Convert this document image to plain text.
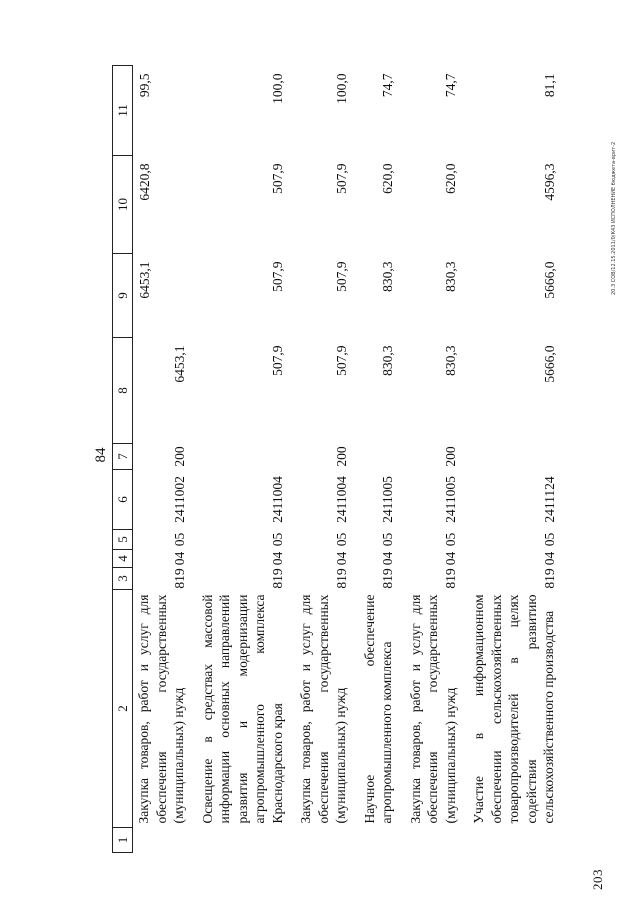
84
203
20.3 СОВ/12.15.2011/0/К43 ИСПОЛНЕНИЕ бюджета-врит-2
1	2	3	4	5	6	7	8	9	10	11
	Закупка товаров, работ и услуг для обеспечения государственных (муниципальных) нужд	819	04	05	2411002	200	6453,1	6453,1	6420,8	99,5

	Освещение в средствах массовой информации основных направлений развития и модернизации агропромышленного комплекса Краснодарского края	819	04	05	2411004		507,9	507,9	507,9	100,0

	Закупка товаров, работ и услуг для обеспечения государственных (муниципальных) нужд	819	04	05	2411004	200	507,9	507,9	507,9	100,0

	Научное обеспечение агропромышленного комплекса	819	04	05	2411005		830,3	830,3	620,0	74,7

	Закупка товаров, работ и услуг для обеспечения государственных (муниципальных) нужд	819	04	05	2411005	200	830,3	830,3	620,0	74,7

	Участие в информационном обеспечении сельскохозяйственных товаропроизводителей в целях содействия развитию сельскохозяйственного производства	819	04	05	2411124		5666,0	5666,0	4596,3	81,1
